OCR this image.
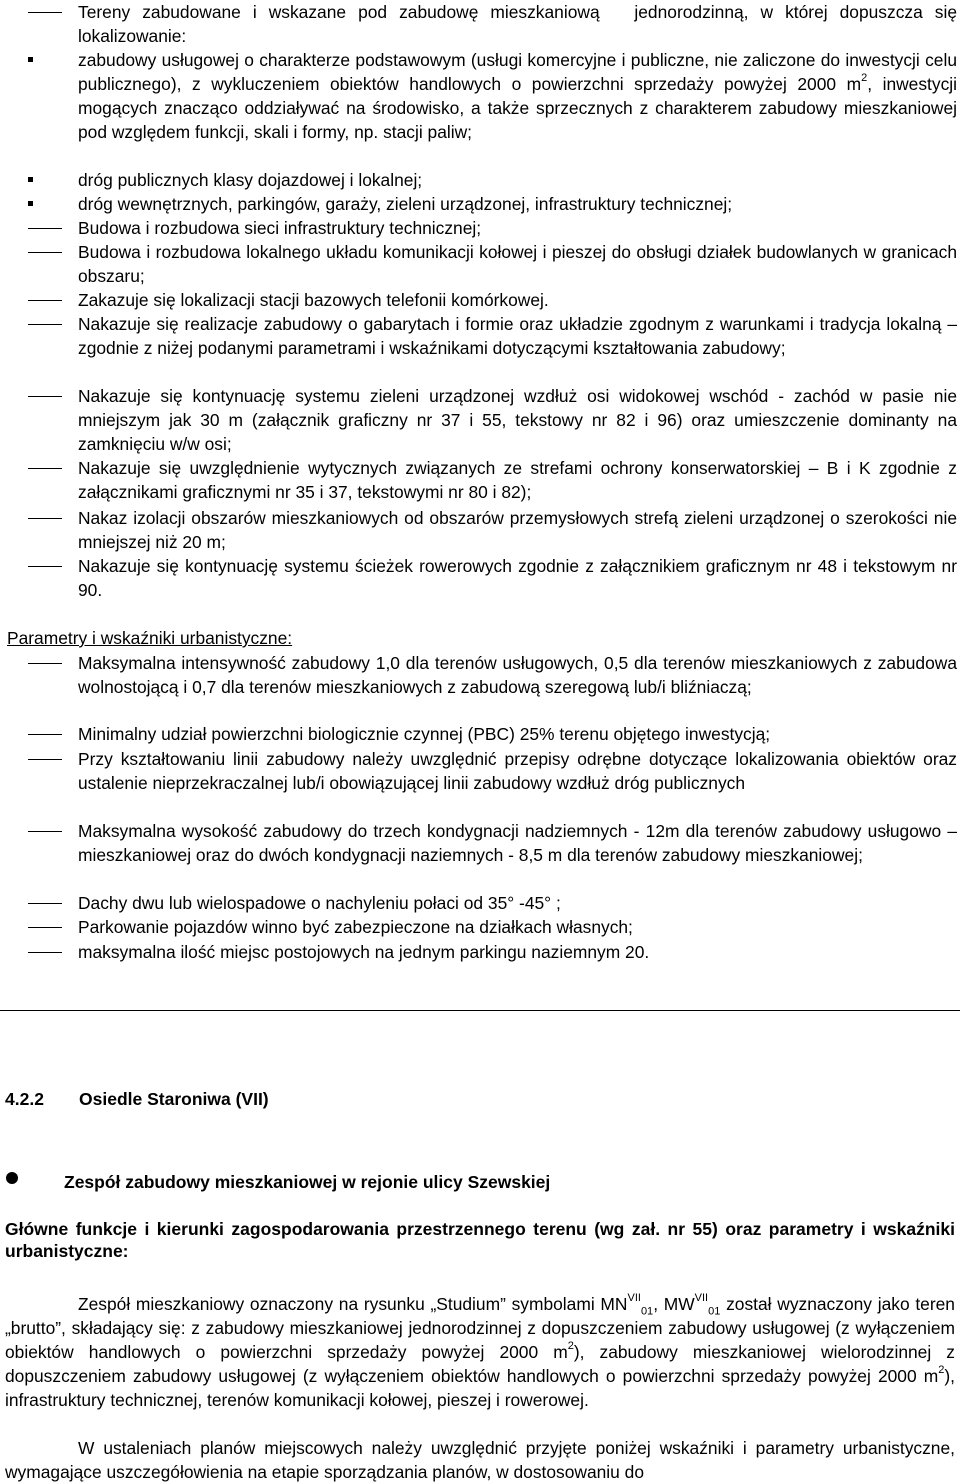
Tereny zabudowane i wskazane pod zabudowę mieszkaniową  jednorodzinną, w której dopuszcza się lokalizowanie:
zabudowy usługowej o charakterze podstawowym (usługi komercyjne i publiczne, nie zaliczone do inwestycji celu publicznego), z wykluczeniem obiektów handlowych o powierzchni sprzedaży powyżej 2000 $m^2$, inwestycji mogących znacząco oddziaływać na środowisko, a także sprzecznych z charakterem zabudowy mieszkaniowej pod względem funkcji, skali i formy, np. stacji paliw;
dróg publicznych klasy dojazdowej i lokalnej;
dróg wewnętrznych, parkingów, garaży, zieleni urządzonej, infrastruktury technicznej;
Budowa i rozbudowa sieci infrastruktury technicznej;
Budowa i rozbudowa lokalnego układu komunikacji kołowej i pieszej do obsługi działek budowlanych w granicach obszaru;
Zakazuje się lokalizacji stacji bazowych telefonii komórkowej.
Nakazuje się realizacje zabudowy o gabarytach i formie oraz układzie zgodnym z warunkami i tradycja lokalną – zgodnie z niżej podanymi parametrami i wskaźnikami dotyczącymi kształtowania zabudowy;
Nakazuje się kontynuację systemu zieleni urządzonej wzdłuż osi widokowej wschód - zachód w pasie nie mniejszym jak 30 m (załącznik graficzny nr 37 i 55, tekstowy nr 82 i 96) oraz umieszczenie dominanty na zamknięciu w/w osi;
Nakazuje się uwzględnienie wytycznych związanych ze strefami ochrony konserwatorskiej – B i K zgodnie z załącznikami graficznymi nr 35 i 37, tekstowymi nr 80 i 82);
Nakaz izolacji obszarów mieszkaniowych od obszarów przemysłowych strefą zieleni urządzonej o szerokości nie mniejszej niż 20 m;
Nakazuje się kontynuację systemu ścieżek rowerowych zgodnie z załącznikiem graficznym nr 48 i tekstowym nr 90.
Parametry i wskaźniki urbanistyczne:
Maksymalna intensywność zabudowy 1,0 dla terenów usługowych, 0,5 dla terenów mieszkaniowych z zabudowa wolnostojącą i 0,7 dla terenów mieszkaniowych z zabudową szeregową lub/i bliźniaczą;
Minimalny udział powierzchni biologicznie czynnej (PBC) 25% terenu objętego inwestycją;
Przy kształtowaniu linii zabudowy należy uwzględnić przepisy odrębne dotyczące lokalizowania obiektów oraz ustalenie nieprzekraczalnej lub/i obowiązującej linii zabudowy wzdłuż dróg publicznych
Maksymalna wysokość zabudowy do trzech kondygnacji nadziemnych - 12m dla terenów zabudowy usługowo – mieszkaniowej oraz do dwóch kondygnacji naziemnych - 8,5 m dla terenów zabudowy mieszkaniowej;
Dachy dwu lub wielospadowe o nachyleniu połaci od 35° -45° ;
Parkowanie pojazdów winno być zabezpieczone na działkach własnych;
maksymalna ilość miejsc postojowych na jednym parkingu naziemnym 20.
4.2.2 Osiedle Staroniwa (VII)
Zespół zabudowy mieszkaniowej w rejonie ulicy Szewskiej
Główne funkcje i kierunki zagospodarowania przestrzennego terenu (wg zał. nr 55) oraz parametry i wskaźniki urbanistyczne:
Zespół mieszkaniowy oznaczony na rysunku „Studium” symbolami $MN^{VII}_{01}$, $MW^{VII}_{01}$ został wyznaczony jako teren „brutto”, składający się: z zabudowy mieszkaniowej jednorodzinnej z dopuszczeniem zabudowy usługowej (z wyłączeniem obiektów handlowych o powierzchni sprzedaży powyżej 2000 $m^2$), zabudowy mieszkaniowej wielorodzinnej z dopuszczeniem zabudowy usługowej (z wyłączeniem obiektów handlowych o powierzchni sprzedaży powyżej 2000 $m^2$), infrastruktury technicznej, terenów komunikacji kołowej, pieszej i rowerowej.
W ustaleniach planów miejscowych należy uwzględnić przyjęte poniżej wskaźniki i parametry urbanistyczne, wymagające uszczegółowienia na etapie sporządzania planów, w dostosowaniu do
